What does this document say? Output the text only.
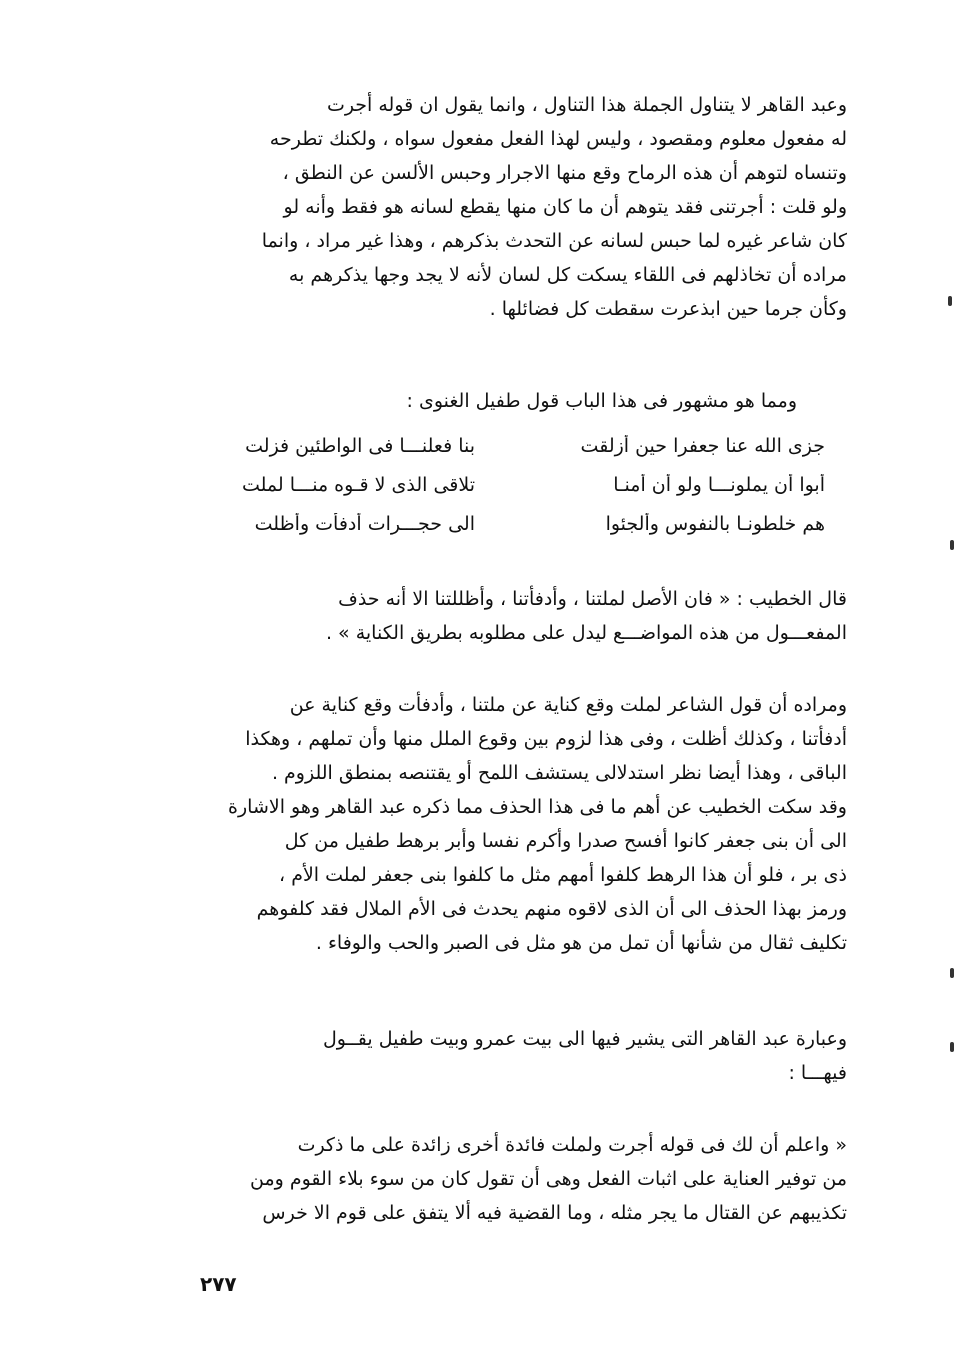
وعبد القاهر لا يتناول الجملة هذا التناول ، وانما يقول ان قوله أجرت
له مفعول معلوم ومقصود ، وليس لهذا الفعل مفعول سواه ، ولكنك تطرحه
وتنساه لتوهم أن هذه الرماح وقع منها الاجرار وحبس الألسن عن النطق ،
ولو قلت : أجرتنى فقد يتوهم أن ما كان منها يقطع لسانه هو فقط وأنه لو
كان شاعر غيره لما حبس لسانه عن التحدث بذكرهم ، وهذا غير مراد ، وانما
مراده أن تخاذلهم فى اللقاء يسكت كل لسان لأنه لا يجد وجها يذكرهم به
وكأن جرما حين ابذعرت سقطت كل فضائلها .
ومما هو مشهور فى هذا الباب قول طفيل الغنوى :
جزى الله عنا جعفرا حين أزلقت
بنا فعلنـــا فى الواطئين فزلت
أبوا أن يملونـــا ولو أن أمنـا
تلاقى الذى لا قـوه منـــا لملت
هم خلطونـا بالنفوس وألجئوا
الى حجـــرات أدفأت وأظلت
قال الخطيب : « فان الأصل لملتنا ، وأدفأتنا ، وأظللتنا الا أنه حذف
المفعـــول من هذه المواضـــع ليدل على مطلوبه بطريق الكناية » .
ومراده أن قول الشاعر لملت وقع كناية عن ملتنا ، وأدفأت وقع كناية عن
أدفأتنا ، وكذلك أظلت ، وفى هذا لزوم بين وقوع الملل منها وأن تملهم ، وهكذا
الباقى ، وهذا أيضا نظر استدلالى يستشف اللمح أو يقتنصه بمنطق اللزوم .
وقد سكت الخطيب عن أهم ما فى هذا الحذف مما ذكره عبد القاهر وهو الاشارة
الى أن بنى جعفر كانوا أفسح صدرا وأكرم نفسا وأبر برهط طفيل من كل
ذى بر ، فلو أن هذا الرهط كلفوا أمهم مثل ما كلفوا بنى جعفر لملت الأم ،
ورمز بهذا الحذف الى أن الذى لاقوه منهم يحدث فى الأم الملال فقد كلفوهم
تكليف ثقال من شأنها أن تمل من هو مثل فى الصبر والحب والوفاء .
وعبارة عبد القاهر التى يشير فيها الى بيت عمرو وبيت طفيل يقــول
فيهـــا :
« واعلم أن لك فى قوله أجرت ولملت فائدة أخرى زائدة على ما ذكرت
من توفير العناية على اثبات الفعل وهى أن تقول كان من سوء بلاء القوم ومن
تكذيبهم عن القتال ما يجر مثله ، وما القضية فيه ألا يتفق على قوم الا خرس
٢٧٧
